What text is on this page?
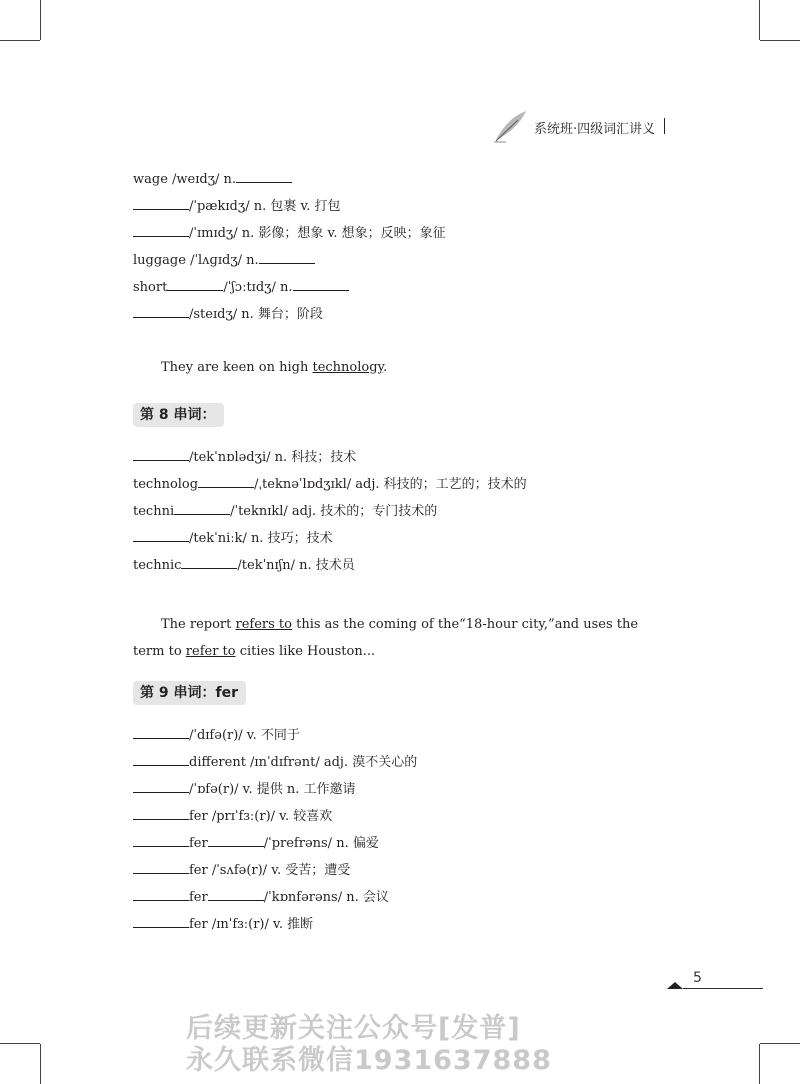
系统班·四级词汇讲义
wage /weɪdʒ/ n.
/ˈpækɪdʒ/ n. 包裹 v. 打包
/ˈɪmɪdʒ/ n. 影像；想象 v. 想象；反映；象征
luggage /ˈlʌɡɪdʒ/ n.
short	/ˈʃɔːtɪdʒ/ n.
/steɪdʒ/ n. 舞台；阶段
They are keen on high technology.
第 8 串词：
/tekˈnɒlədʒi/ n. 科技；技术
technolog	/ˌteknəˈlɒdʒɪkl/ adj. 科技的；工艺的；技术的
techni	/ˈteknɪkl/ adj. 技术的；专门技术的
/tekˈniːk/ n. 技巧；技术
technic	/tekˈnɪʃn/ n. 技术员
The report refers to this as the coming of the“18-hour city,”and uses the term to refer to cities like Houston...
第 9 串词：fer
/ˈdɪfə(r)/ v. 不同于
different /ɪnˈdɪfrənt/ adj. 漠不关心的
/ˈɒfə(r)/ v. 提供 n. 工作邀请
fer /prɪˈfɜː(r)/ v. 较喜欢
fer	/ˈprefrəns/ n. 偏爱
fer /ˈsʌfə(r)/ v. 受苦；遭受
fer	/ˈkɒnfərəns/ n. 会议
fer /ɪnˈfɜː(r)/ v. 推断
5
后续更新关注公众号[发普]
永久联系微信1931637888
